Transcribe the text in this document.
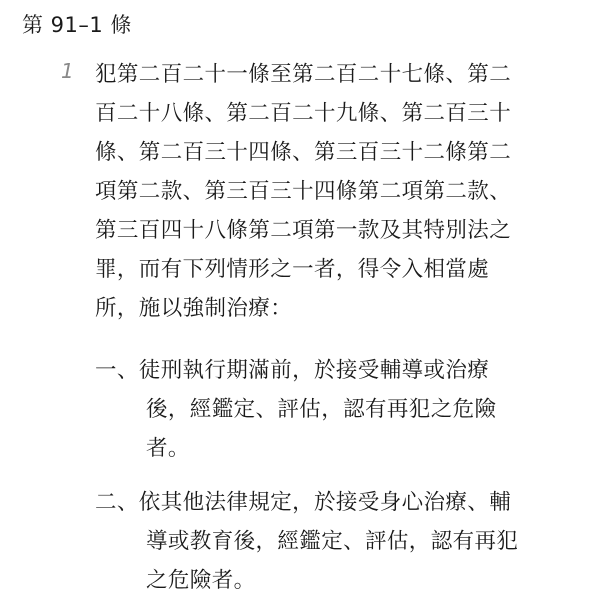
第 91–1 條
1 犯第二百二十一條至第二百二十七條、第二
百二十八條、第二百二十九條、第二百三十
條、第二百三十四條、第三百三十二條第二
項第二款、第三百三十四條第二項第二款、
第三百四十八條第二項第一款及其特別法之
罪，而有下列情形之一者，得令入相當處
所，施以強制治療：
一、徒刑執行期滿前，於接受輔導或治療
後，經鑑定、評估，認有再犯之危險
者。
二、依其他法律規定，於接受身心治療、輔
導或教育後，經鑑定、評估，認有再犯
之危險者。
